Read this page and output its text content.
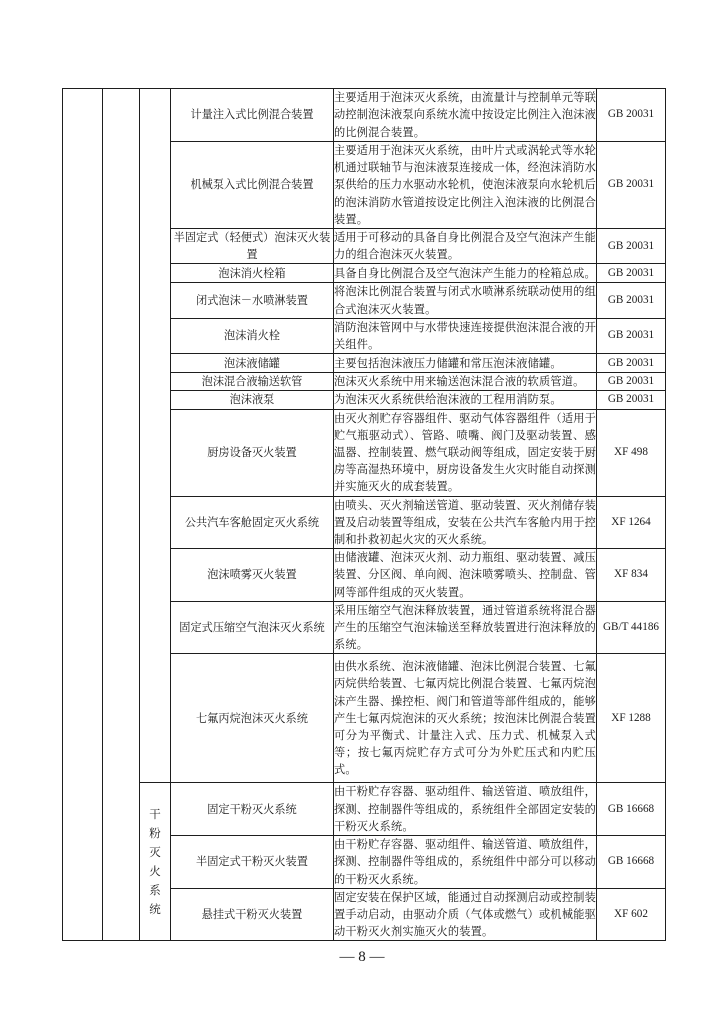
			计量注入式比例混合装置	主要适用于泡沫灭火系统，由流量计与控制单元等联动控制泡沫液泵向系统水流中按设定比例注入泡沫液的比例混合装置。	GB 20031
			机械泵入式比例混合装置	主要适用于泡沫灭火系统，由叶片式或涡轮式等水轮机通过联轴节与泡沫液泵连接成一体，经泡沫消防水泵供给的压力水驱动水轮机，使泡沫液泵向水轮机后的泡沫消防水管道按设定比例注入泡沫液的比例混合装置。	GB 20031
			半固定式（轻便式）泡沫灭火装置	适用于可移动的具备自身比例混合及空气泡沫产生能力的组合泡沫灭火装置。	GB 20031
			泡沫消火栓箱	具备自身比例混合及空气泡沫产生能力的栓箱总成。	GB 20031
			闭式泡沫－水喷淋装置	将泡沫比例混合装置与闭式水喷淋系统联动使用的组合式泡沫灭火装置。	GB 20031
			泡沫消火栓	消防泡沫管网中与水带快速连接提供泡沫混合液的开关组件。	GB 20031
			泡沫液储罐	主要包括泡沫液压力储罐和常压泡沫液储罐。	GB 20031
			泡沫混合液输送软管	泡沫灭火系统中用来输送泡沫混合液的软质管道。	GB 20031
			泡沫液泵	为泡沫灭火系统供给泡沫液的工程用消防泵。	GB 20031
			厨房设备灭火装置	由灭火剂贮存容器组件、驱动气体容器组件（适用于贮气瓶驱动式）、管路、喷嘴、阀门及驱动装置、感温器、控制装置、燃气联动阀等组成，固定安装于厨房等高湿热环境中，厨房设备发生火灾时能自动探测并实施灭火的成套装置。	XF 498
			公共汽车客舱固定灭火系统	由喷头、灭火剂输送管道、驱动装置、灭火剂储存装置及启动装置等组成，安装在公共汽车客舱内用于控制和扑救初起火灾的灭火系统。	XF 1264
			泡沫喷雾灭火装置	由储液罐、泡沫灭火剂、动力瓶组、驱动装置、减压装置、分区阀、单向阀、泡沫喷雾喷头、控制盘、管网等部件组成的灭火装置。	XF 834
			固定式压缩空气泡沫灭火系统	采用压缩空气泡沫释放装置，通过管道系统将混合器产生的压缩空气泡沫输送至释放装置进行泡沫释放的系统。	GB/T 44186
			七氟丙烷泡沫灭火系统	由供水系统、泡沫液储罐、泡沫比例混合装置、七氟丙烷供给装置、七氟丙烷比例混合装置、七氟丙烷泡沫产生器、操控柜、阀门和管道等部件组成的，能够产生七氟丙烷泡沫的灭火系统；按泡沫比例混合装置可分为平衡式、计量注入式、压力式、机械泵入式等；按七氟丙烷贮存方式可分为外贮压式和内贮压式。	XF 1288
		干粉灭火系统	固定干粉灭火系统	由干粉贮存容器、驱动组件、输送管道、喷放组件，探测、控制器件等组成的，系统组件全部固定安装的干粉灭火系统。	GB 16668
			半固定式干粉灭火装置	由干粉贮存容器、驱动组件、输送管道、喷放组件，探测、控制器件等组成的，系统组件中部分可以移动的干粉灭火系统。	GB 16668
			悬挂式干粉灭火装置	固定安装在保护区域，能通过自动探测启动或控制装置手动启动，由驱动介质（气体或燃气）或机械能驱动干粉灭火剂实施灭火的装置。	XF 602
— 8 —
